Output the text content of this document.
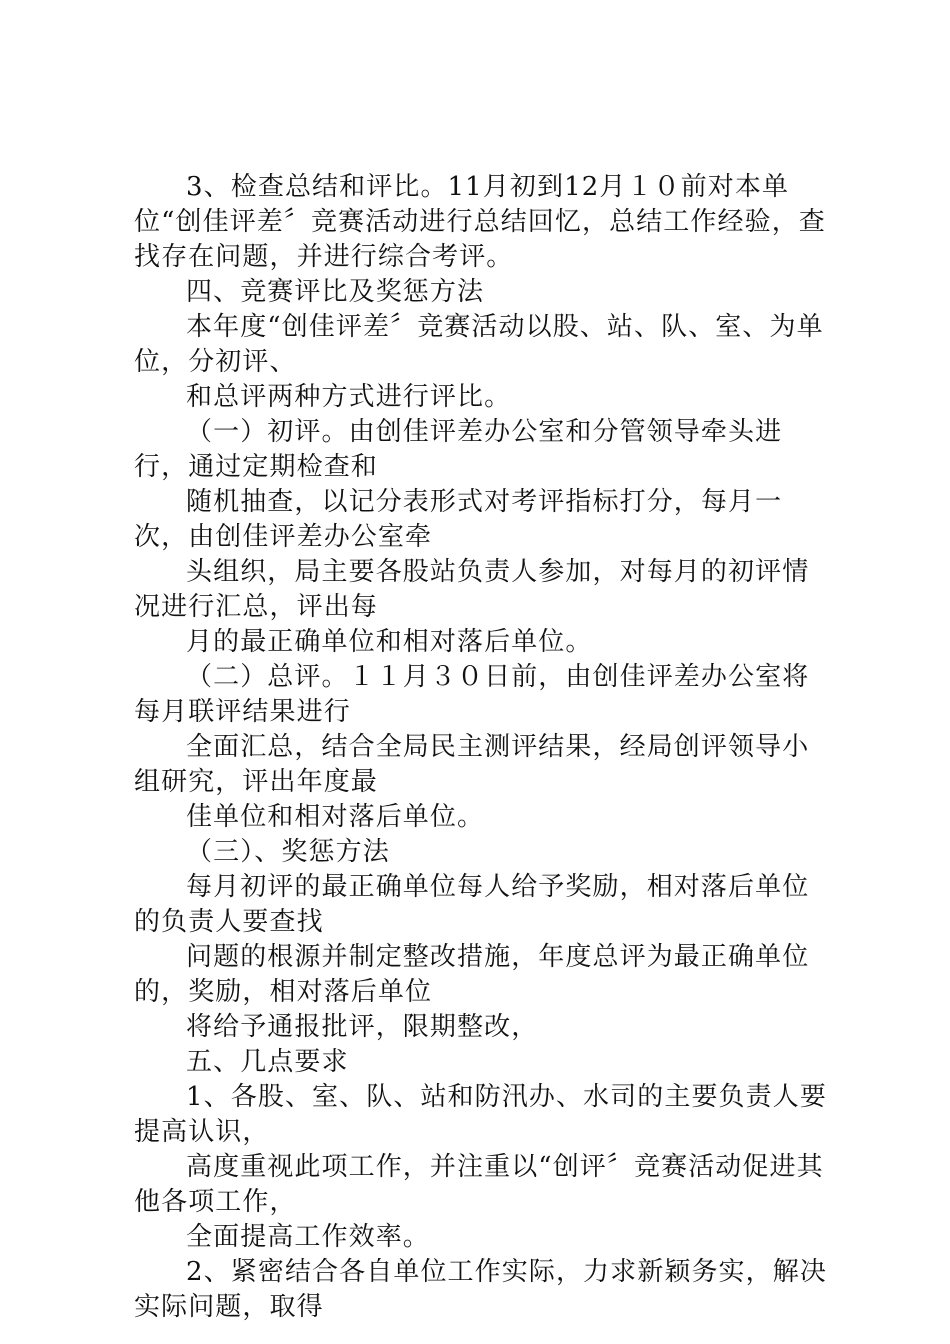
3、检查总结和评比。11月初到12月１０前对本单位“创佳评差〞竞赛活动进行总结回忆，总结工作经验，查找存在问题，并进行综合考评。

四、竞赛评比及奖惩方法

本年度“创佳评差〞竞赛活动以股、站、队、室、为单位，分初评、

和总评两种方式进行评比。

（一）初评。由创佳评差办公室和分管领导牵头进行，通过定期检查和

随机抽查，以记分表形式对考评指标打分，每月一次，由创佳评差办公室牵

头组织，局主要各股站负责人参加，对每月的初评情况进行汇总，评出每

月的最正确单位和相对落后单位。

（二）总评。１１月３０日前，由创佳评差办公室将每月联评结果进行

全面汇总，结合全局民主测评结果，经局创评领导小组研究，评出年度最

佳单位和相对落后单位。

（三）、奖惩方法

每月初评的最正确单位每人给予奖励，相对落后单位的负责人要查找

问题的根源并制定整改措施，年度总评为最正确单位的，奖励，相对落后单位

将给予通报批评，限期整改，

五、几点要求

1、各股、室、队、站和防汛办、水司的主要负责人要提高认识，

高度重视此项工作，并注重以“创评〞竞赛活动促进其他各项工作，

全面提高工作效率。

2、紧密结合各自单位工作实际，力求新颖务实，解决实际问题，取得
